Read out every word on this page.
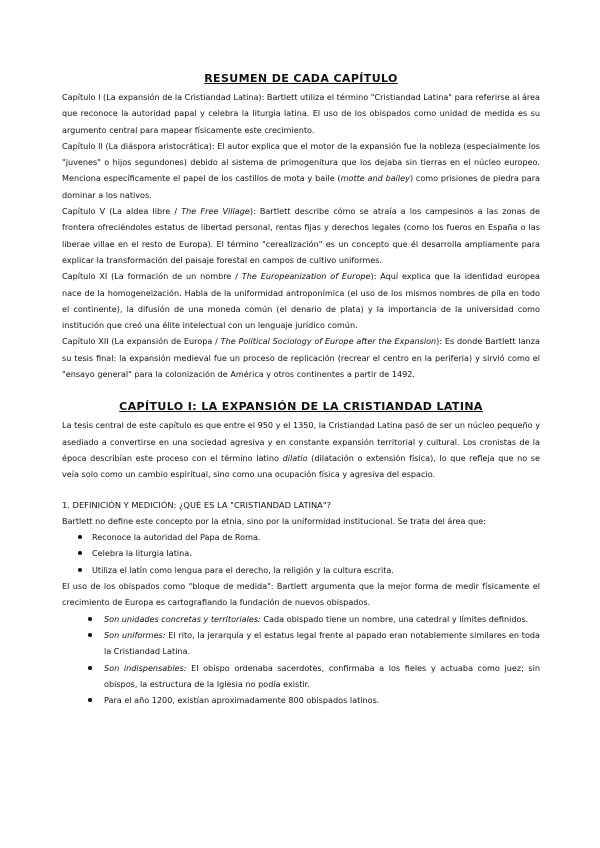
RESUMEN DE CADA CAPÍTULO

Capítulo I (La expansión de la Cristiandad Latina): Bartlett utiliza el término "Cristiandad Latina" para referirse al área que reconoce la autoridad papal y celebra la liturgia latina. El uso de los obispados como unidad de medida es su argumento central para mapear físicamente este crecimiento.

Capítulo II (La diáspora aristocrática): El autor explica que el motor de la expansión fue la nobleza (especialmente los "juvenes" o hijos segundones) debido al sistema de primogenitura que los dejaba sin tierras en el núcleo europeo. Menciona específicamente el papel de los castillos de mota y baile (motte and bailey) como prisiones de piedra para dominar a los nativos.

Capítulo V (La aldea libre / The Free Village): Bartlett describe cómo se atraía a los campesinos a las zonas de frontera ofreciéndoles estatus de libertad personal, rentas fijas y derechos legales (como los fueros en España o las liberae villae en el resto de Europa). El término "cerealización" es un concepto que él desarrolla ampliamente para explicar la transformación del paisaje forestal en campos de cultivo uniformes.

Capítulo XI (La formación de un nombre / The Europeanization of Europe): Aquí explica que la identidad europea nace de la homogeneización. Habla de la uniformidad antroponímica (el uso de los mismos nombres de pila en todo el continente), la difusión de una moneda común (el denario de plata) y la importancia de la universidad como institución que creó una élite intelectual con un lenguaje jurídico común.

Capítulo XII (La expansión de Europa / The Political Sociology of Europe after the Expansion): Es donde Bartlett lanza su tesis final: la expansión medieval fue un proceso de replicación (recrear el centro en la periferia) y sirvió como el "ensayo general" para la colonización de América y otros continentes a partir de 1492.

CAPÍTULO I: LA EXPANSIÓN DE LA CRISTIANDAD LATINA

La tesis central de este capítulo es que entre el 950 y el 1350, la Cristiandad Latina pasó de ser un núcleo pequeño y asediado a convertirse en una sociedad agresiva y en constante expansión territorial y cultural. Los cronistas de la época describían este proceso con el término latino dilatio (dilatación o extensión física), lo que refleja que no se veía solo como un cambio espiritual, sino como una ocupación física y agresiva del espacio.

1. DEFINICIÓN Y MEDICIÓN: ¿QUÉ ES LA "CRISTIANDAD LATINA"?

Bartlett no define este concepto por la etnia, sino por la uniformidad institucional. Se trata del área que:

Reconoce la autoridad del Papa de Roma.
Celebra la liturgia latina.
Utiliza el latín como lengua para el derecho, la religión y la cultura escrita.

El uso de los obispados como "bloque de medida": Bartlett argumenta que la mejor forma de medir físicamente el crecimiento de Europa es cartografiando la fundación de nuevos obispados.

Son unidades concretas y territoriales: Cada obispado tiene un nombre, una catedral y límites definidos.
Son uniformes: El rito, la jerarquía y el estatus legal frente al papado eran notablemente similares en toda la Cristiandad Latina.
Son indispensables: El obispo ordenaba sacerdotes, confirmaba a los fieles y actuaba como juez; sin obispos, la estructura de la Iglesia no podía existir.
Para el año 1200, existían aproximadamente 800 obispados latinos.
